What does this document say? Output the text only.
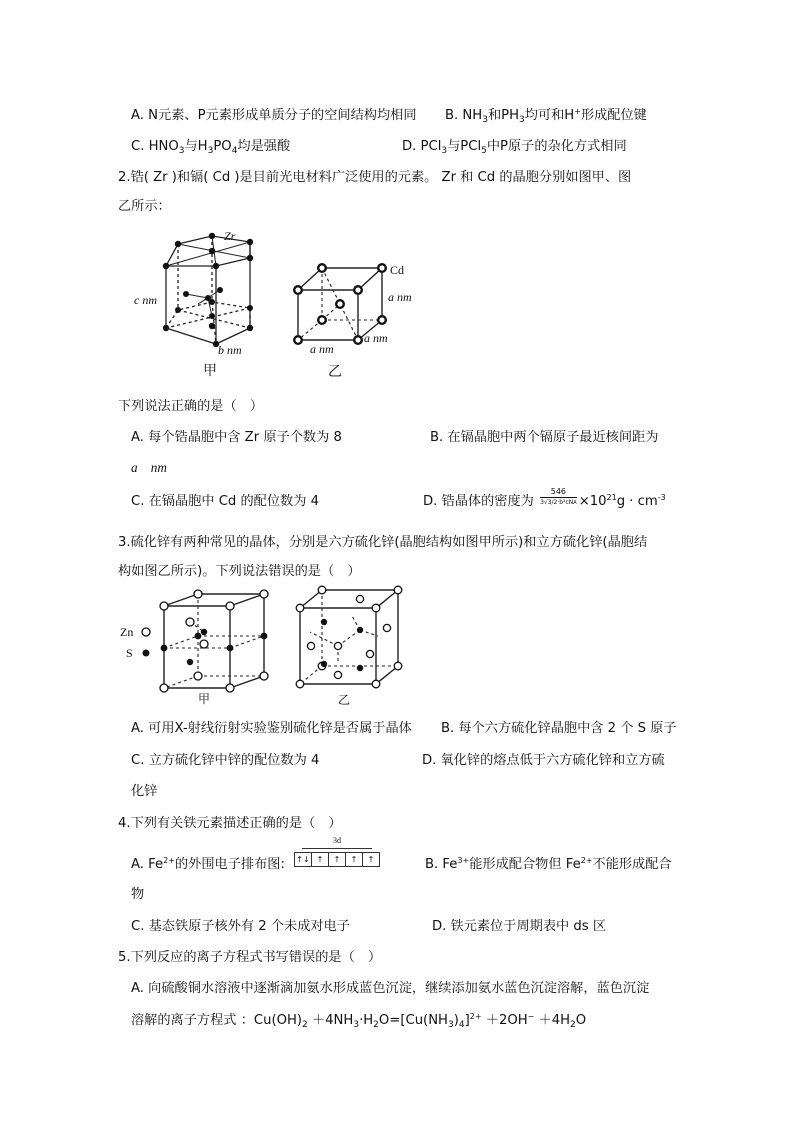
A. N元素、P元素形成单质分子的空间结构均相同 B. $NH_3$和$PH_3$均可和H+形成配位键
C. $HNO_3$与$H_3PO_4$均是强酸	D. PCl$_3$与PCl$_5$中P原子的杂化方式相同
2.锆( Zr )和镉( Cd )是目前光电材料广泛使用的元素。 Zr 和 Cd 的晶胞分别如图甲、图
乙所示：
Zr
c nm
b nm
甲
Cd
a nm
a nm
a nm
乙
下列说法正确的是（　）
A. 每个锆晶胞中含 Zr 原子个数为 8	B. 在镉晶胞中两个镉原子最近核间距为
a　nm
C. 在镉晶胞中 Cd 的配位数为 4	D. 锆晶体的密度为
546
$3√3/2\cdot b^2cNA \times 10^{21}g \cdot cm^{-3}$
3.硫化锌有两种常见的晶体，分别是六方硫化锌(晶胞结构如图甲所示)和立方硫化锌(晶胞结
构如图乙所示)。下列说法错误的是（　）
Zn
S
甲	乙
A. 可用X-射线衍射实验鉴别硫化锌是否属于晶体 B. 每个六方硫化锌晶胞中含 2 个 S 原子
C. 立方硫化锌中锌的配位数为 4	D. 氧化锌的熔点低于六方硫化锌和立方硫
化锌
4.下列有关铁元素描述正确的是（　）
A. $Fe^{2+}$的外围电子排布图:
3d
↑↓ ↑	↑	↑	↑	B. $Fe^{3+}$能形成配合物但 $Fe^{2+}$不能形成配合
物
C. 基态铁原子核外有 2 个未成对电子	D. 铁元素位于周期表中 ds 区
5.下列反应的离子方程式书写错误的是（　）
A. 向硫酸铜水溶液中逐渐滴加氨水形成蓝色沉淀，继续添加氨水蓝色沉淀溶解，蓝色沉淀
溶解的离子方程式 ：$Cu(OH)_2 +4NH_3\cdot H_2O=[Cu(NH_3)_4]^{2+} +2OH^- +4H_2O$
